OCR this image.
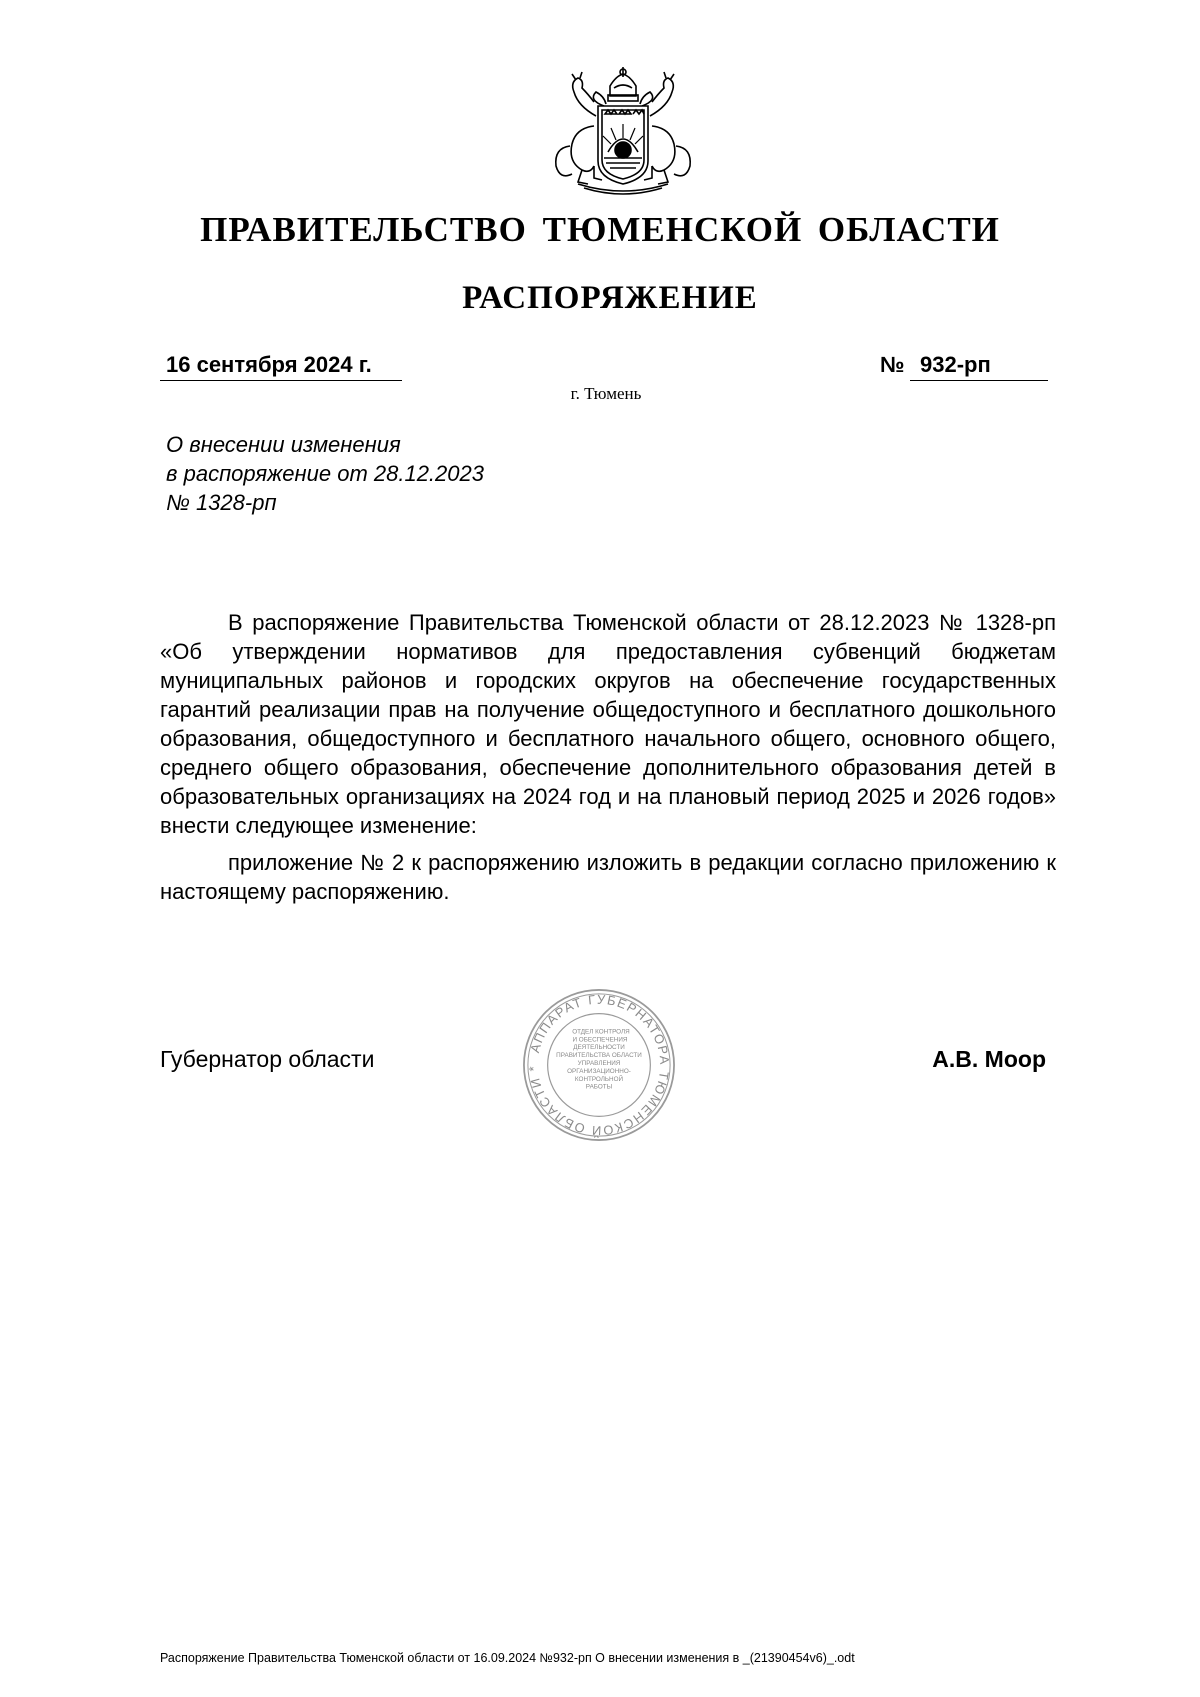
ПРАВИТЕЛЬСТВО ТЮМЕНСКОЙ ОБЛАСТИ
РАСПОРЯЖЕНИЕ
16 сентября 2024 г.	№ 932-рп
г. Тюмень
О внесении изменения
в распоряжение от 28.12.2023
№ 1328-рп

В распоряжение Правительства Тюменской области от 28.12.2023 № 1328-рп «Об утверждении нормативов для предоставления субвенций бюджетам муниципальных районов и городских округов на обеспечение государственных гарантий реализации прав на получение общедоступного и бесплатного дошкольного образования, общедоступного и бесплатного начального общего, основного общего, среднего общего образования, обеспечение дополнительного образования детей в образовательных организациях на 2024 год и на плановый период 2025 и 2026 годов» внести следующее изменение:

приложение № 2 к распоряжению изложить в редакции согласно приложению к настоящему распоряжению.

Губернатор области	АППАРАТ ГУБЕРНАТОРА ТЮМЕНСКОЙ ОБЛАСТИ *
ОТДЕЛ КОНТРОЛЯ
И ОБЕСПЕЧЕНИЯ
ДЕЯТЕЛЬНОСТИ
ПРАВИТЕЛЬСТВА ОБЛАСТИ
УПРАВЛЕНИЯ
ОРГАНИЗАЦИОННО-
КОНТРОЛЬНОЙ
РАБОТЫ
А.В. Моор
Распоряжение Правительства Тюменской области от 16.09.2024 №932-рп О внесении изменения в _(21390454v6)_.odt
